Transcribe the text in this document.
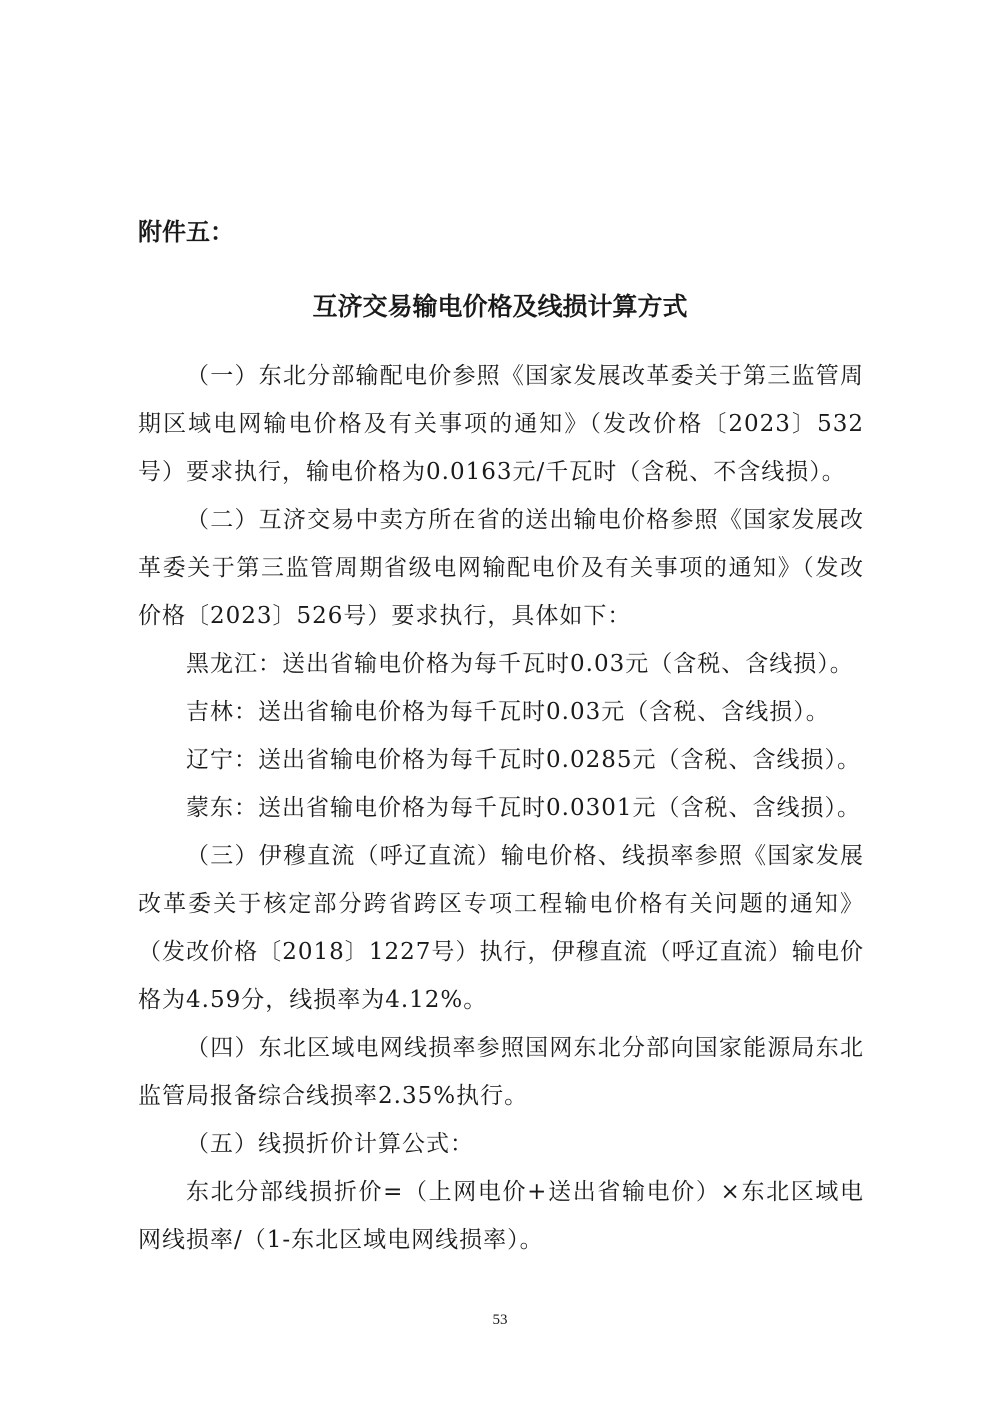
附件五：

互济交易输电价格及线损计算方式

（一）东北分部输配电价参照《国家发展改革委关于第三监管周期区域电网输电价格及有关事项的通知》（发改价格〔2023〕532号）要求执行，输电价格为0.0163元/千瓦时（含税、不含线损）。

（二）互济交易中卖方所在省的送出输电价格参照《国家发展改革委关于第三监管周期省级电网输配电价及有关事项的通知》（发改价格〔2023〕526号）要求执行，具体如下：

黑龙江：送出省输电价格为每千瓦时0.03元（含税、含线损）。

吉林：送出省输电价格为每千瓦时0.03元（含税、含线损）。

辽宁：送出省输电价格为每千瓦时0.0285元（含税、含线损）。

蒙东：送出省输电价格为每千瓦时0.0301元（含税、含线损）。

（三）伊穆直流（呼辽直流）输电价格、线损率参照《国家发展改革委关于核定部分跨省跨区专项工程输电价格有关问题的通知》（发改价格〔2018〕1227号）执行，伊穆直流（呼辽直流）输电价格为4.59分，线损率为4.12%。

（四）东北区域电网线损率参照国网东北分部向国家能源局东北监管局报备综合线损率2.35%执行。

（五）线损折价计算公式：

东北分部线损折价=（上网电价+送出省输电价）×东北区域电网线损率/（1-东北区域电网线损率）。

53
